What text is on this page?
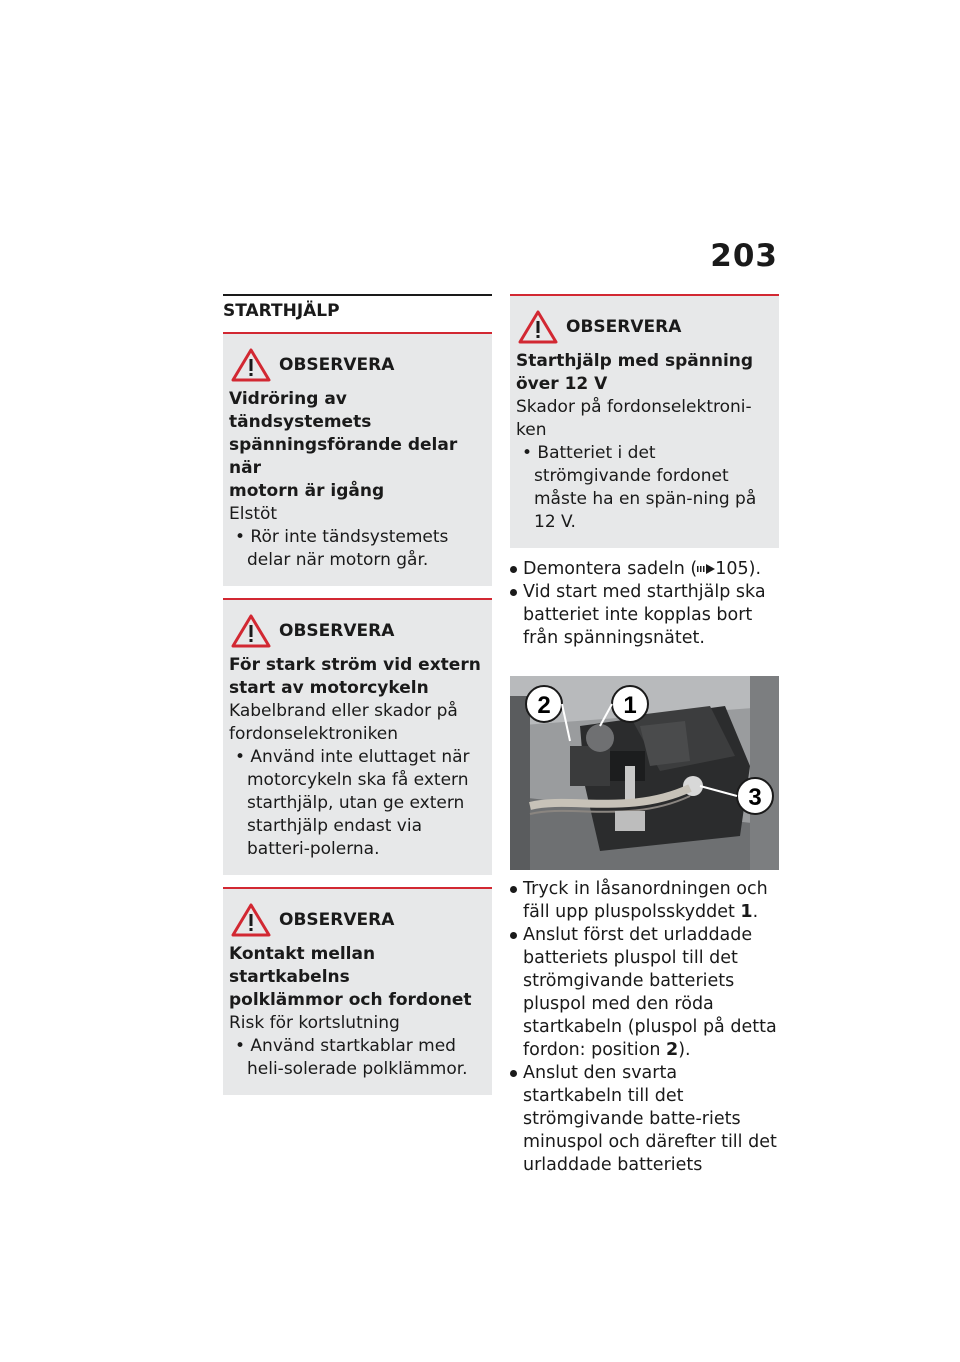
203
STARTHJÄLP
OBSERVERA
Vidröring av tändsystemets
spänningsförande delar när
motorn är igång
Elstöt
• Rör inte tändsystemets delar när motorn går.
OBSERVERA
För stark ström vid extern
start av motorcykeln
Kabelbrand eller skador på
fordonselektroniken
• Använd inte eluttaget när motorcykeln ska få extern starthjälp, utan ge extern starthjälp endast via batteri-polerna.
OBSERVERA
Kontakt mellan startkabelns
polklämmor och fordonet
Risk för kortslutning
• Använd startkablar med heli-solerade polklämmor.
OBSERVERA
Starthjälp med spänning
över 12 V
Skador på fordonselektroni-
ken
• Batteriet i det strömgivande fordonet måste ha en spän-ning på 12 V.
Demontera sadeln ( 105).
Vid start med starthjälp ska batteriet inte kopplas bort från spänningsnätet.
2	1
3
Tryck in låsanordningen och fäll upp pluspolsskyddet 1.
Anslut först det urladdade batteriets pluspol till det strömgivande batteriets pluspol med den röda startkabeln (pluspol på detta fordon: position 2).
Anslut den svarta startkabeln till det strömgivande batte-riets minuspol och därefter till det urladdade batteriets
